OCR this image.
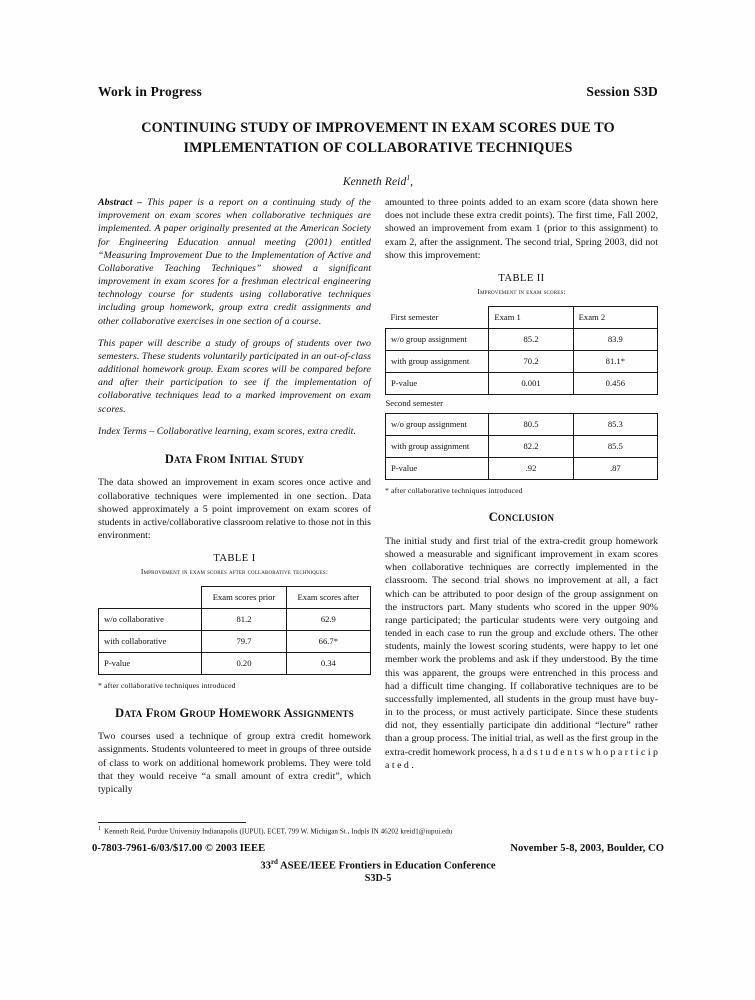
Work in Progress	Session S3D
CONTINUING STUDY OF IMPROVEMENT IN EXAM SCORES DUE TO
IMPLEMENTATION OF COLLABORATIVE TECHNIQUES
Kenneth Reid$^1$,

Abstract – This paper is a report on a continuing study of the improvement on exam scores when collaborative techniques are implemented. A paper originally presented at the American Society for Engineering Education annual meeting (2001) entitled “Measuring Improvement Due to the Implementation of Active and Collaborative Teaching Techniques” showed a significant improvement in exam scores for a freshman electrical engineering technology course for students using collaborative techniques including group homework, group extra credit assignments and other collaborative exercises in one section of a course.

This paper will describe a study of groups of students over two semesters. These students voluntarily participated in an out-of-class additional homework group. Exam scores will be compared before and after their participation to see if the implementation of collaborative techniques lead to a marked improvement on exam scores.

Index Terms – Collaborative learning, exam scores, extra credit.

Data From Initial Study

The data showed an improvement in exam scores once active and collaborative techniques were implemented in one section. Data showed approximately a 5 point improvement on exam scores of students in active/collaborative classroom relative to those not in this environment:

TABLE I
Improvement in exam scores after collaborative techniques:
	Exam scores prior	Exam scores after
w/o collaborative	81.2	62.9
with collaborative	79.7	66.7*
P-value	0.20	0.34
* after collaborative techniques introduced
Data From Group Homework Assignments

Two courses used a technique of group extra credit homework assignments. Students volunteered to meet in groups of three outside of class to work on additional homework problems. They were told that they would receive “a small amount of extra credit”, which typically

amounted to three points added to an exam score (data shown here does not include these extra credit points). The first time, Fall 2002, showed an improvement from exam 1 (prior to this assignment) to exam 2, after the assignment. The second trial, Spring 2003, did not show this improvement:

TABLE II
Improvement in exam scores:
First semester	Exam 1	Exam 2
w/o group assignment	85.2	83.9
with group assignment	70.2	81.1*
P-value	0.001	0.456
Second semester		
w/o group assignment	80.5	85.3
with group assignment	82.2	85.5
P-value	.92	.87
* after collaborative techniques introduced
Conclusion

The initial study and first trial of the extra-credit group homework showed a measurable and significant improvement in exam scores when collaborative techniques are correctly implemented in the classroom. The second trial shows no improvement at all, a fact which can be attributed to poor design of the group assignment on the instructors part. Many students who scored in the upper 90% range participated; the particular students were very outgoing and tended in each case to run the group and exclude others. The other students, mainly the lowest scoring students, were happy to let one member work the problems and ask if they understood. By the time this was apparent, the groups were entrenched in this process and had a difficult time changing. If collaborative techniques are to be successfully implemented, all students in the group must have buy-in to the process, or must actively participate. Since these students did not, they essentially participate din additional “lecture” rather than a group process. The initial trial, as well as the first group in the extra-credit homework process, h a d s t u d e n t s w h o p a r t i c i p a t e d .

$^1$ Kenneth Reid, Purdue University Indianapolis (IUPUI), ECET, 799 W. Michigan St., Indpls IN 46202 kreid1@iupui.edu
0-7803-7961-6/03/$17.00 © 2003 IEEE	November 5-8, 2003, Boulder, CO
33rd ASEE/IEEE Frontiers in Education Conference
S3D-5
